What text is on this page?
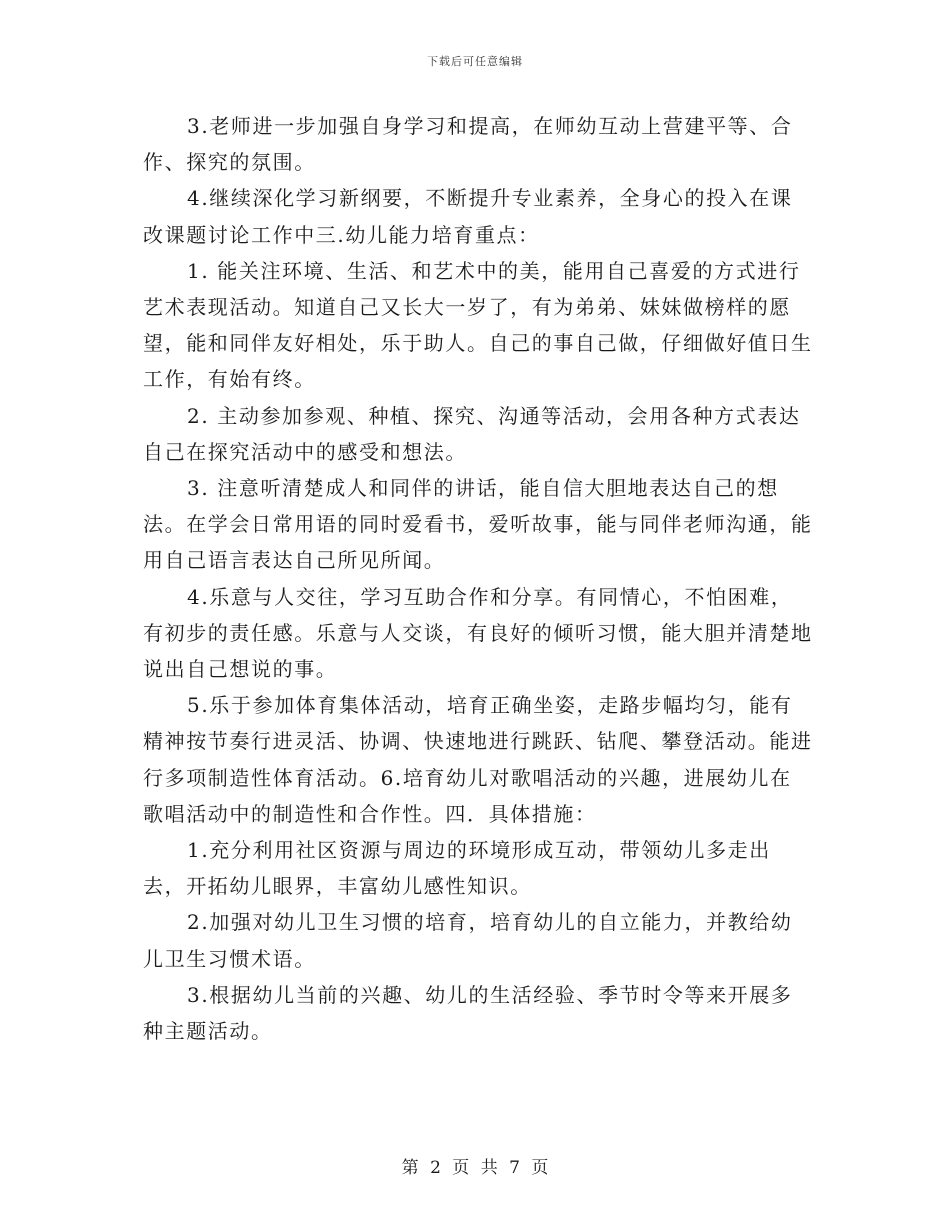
下载后可任意编辑

3.老师进一步加强自身学习和提高，在师幼互动上营建平等、合作、探究的氛围。

4.继续深化学习新纲要，不断提升专业素养，全身心的投入在课改课题讨论工作中三.幼儿能力培育重点：

1. 能关注环境、生活、和艺术中的美，能用自己喜爱的方式进行艺术表现活动。知道自己又长大一岁了，有为弟弟、妹妹做榜样的愿望，能和同伴友好相处，乐于助人。自己的事自己做，仔细做好值日生工作，有始有终。

2. 主动参加参观、种植、探究、沟通等活动，会用各种方式表达自己在探究活动中的感受和想法。

3. 注意听清楚成人和同伴的讲话，能自信大胆地表达自己的想法。在学会日常用语的同时爱看书，爱听故事，能与同伴老师沟通，能用自己语言表达自己所见所闻。

4.乐意与人交往，学习互助合作和分享。有同情心，不怕困难，有初步的责任感。乐意与人交谈，有良好的倾听习惯，能大胆并清楚地说出自己想说的事。

5.乐于参加体育集体活动，培育正确坐姿，走路步幅均匀，能有精神按节奏行进灵活、协调、快速地进行跳跃、钻爬、攀登活动。能进行多项制造性体育活动。6.培育幼儿对歌唱活动的兴趣，进展幼儿在歌唱活动中的制造性和合作性。四．具体措施：

1.充分利用社区资源与周边的环境形成互动，带领幼儿多走出去，开拓幼儿眼界，丰富幼儿感性知识。

2.加强对幼儿卫生习惯的培育，培育幼儿的自立能力，并教给幼儿卫生习惯术语。

3.根据幼儿当前的兴趣、幼儿的生活经验、季节时令等来开展多种主题活动。

第 2 页 共 7 页
